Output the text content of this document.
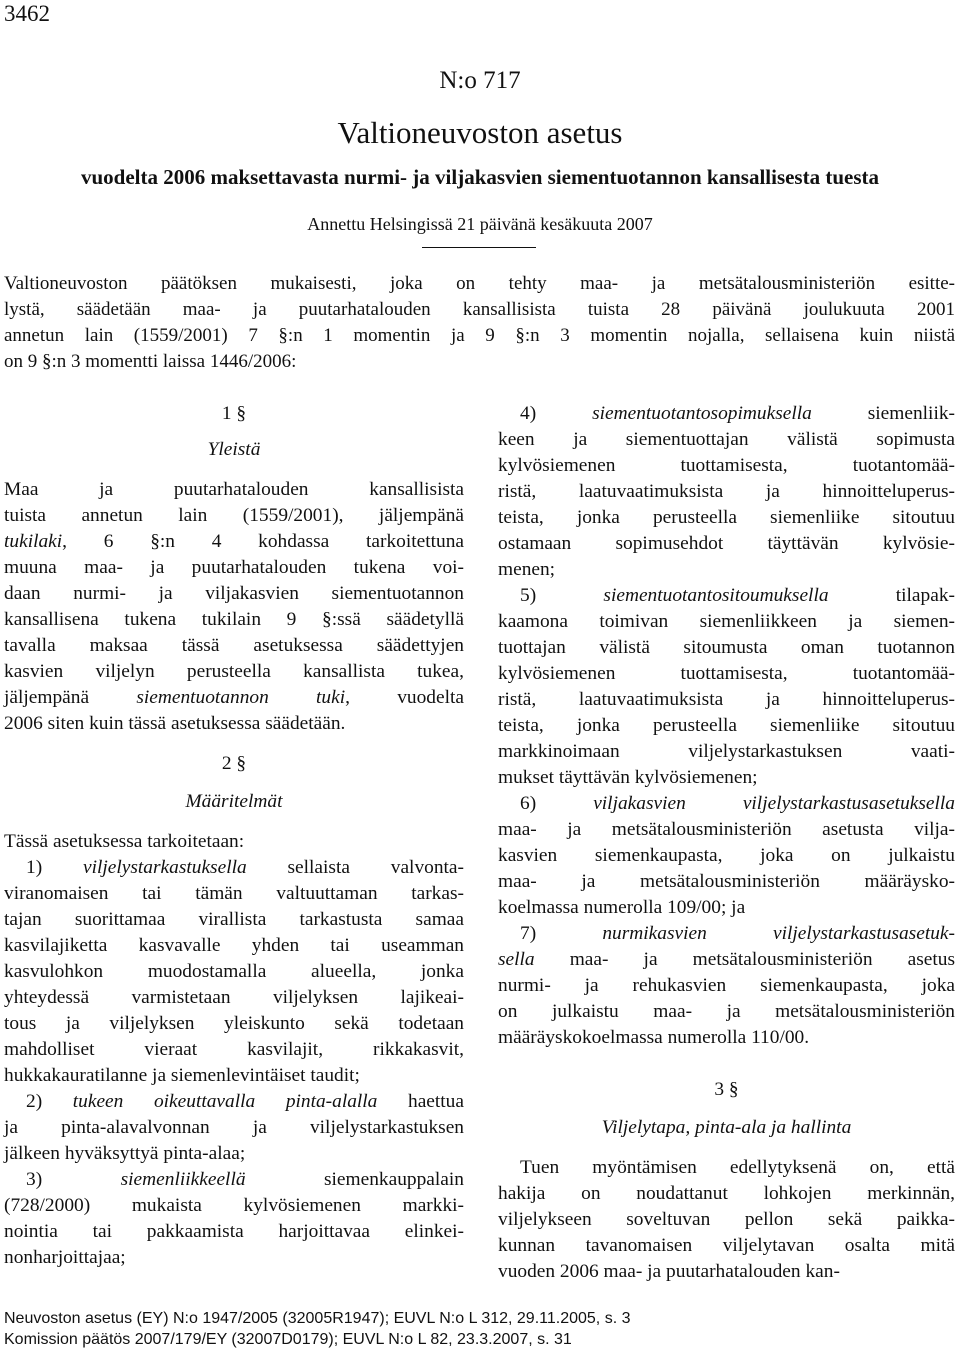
3462
N:o 717
Valtioneuvoston asetus
vuodelta 2006 maksettavasta nurmi- ja viljakasvien siementuotannon kansallisesta tuesta
Annettu Helsingissä 21 päivänä kesäkuuta 2007
Valtioneuvoston päätöksen mukaisesti, joka on tehty maa- ja metsätalousministeriön esitte-
lystä, säädetään maa- ja puutarhatalouden kansallisista tuista 28 päivänä joulukuuta 2001
annetun lain (1559/2001) 7 §:n 1 momentin ja 9 §:n 3 momentin nojalla, sellaisena kuin niistä
on 9 §:n 3 momentti laissa 1446/2006:

1 §

Yleistä

Maa ja puutarhatalouden kansallisista
tuista annetun lain (1559/2001), jäljempänä
tukilaki, 6 §:n 4 kohdassa tarkoitettuna
muuna maa- ja puutarhatalouden tukena voi-
daan nurmi- ja viljakasvien siementuotannon
kansallisena tukena tukilain 9 §:ssä säädetyllä
tavalla maksaa tässä asetuksessa säädettyjen
kasvien viljelyn perusteella kansallista tukea,
jäljempänä siementuotannon tuki, vuodelta
2006 siten kuin tässä asetuksessa säädetään.

2 §

Määritelmät

Tässä asetuksessa tarkoitetaan:

1) viljelystarkastuksella sellaista valvonta-
viranomaisen tai tämän valtuuttaman tarkas-
tajan suorittamaa virallista tarkastusta samaa
kasvilajiketta kasvavalle yhden tai useamman
kasvulohkon muodostamalla alueella, jonka
yhteydessä varmistetaan viljelyksen lajikeai-
tous ja viljelyksen yleiskunto sekä todetaan
mahdolliset vieraat kasvilajit, rikkakasvit,
hukkakauratilanne ja siemenlevintäiset taudit;
2) tukeen oikeuttavalla pinta-alalla haettua
ja pinta-alavalvonnan ja viljelystarkastuksen
jälkeen hyväksyttyä pinta-alaa;
3) siemenliikkeellä siemenkauppalain
(728/2000) mukaista kylvösiemenen markki-
nointia tai pakkaamista harjoittavaa elinkei-
nonharjoittajaa;
4) siementuotantosopimuksella siemenliik-
keen ja siementuottajan välistä sopimusta
kylvösiemenen tuottamisesta, tuotantomää-
ristä, laatuvaatimuksista ja hinnoitteluperus-
teista, jonka perusteella siemenliike sitoutuu
ostamaan sopimusehdot täyttävän kylvösie-
menen;
5) siementuotantositoumuksella tilapak-
kaamona toimivan siemenliikkeen ja siemen-
tuottajan välistä sitoumusta oman tuotannon
kylvösiemenen tuottamisesta, tuotantomää-
ristä, laatuvaatimuksista ja hinnoitteluperus-
teista, jonka perusteella siemenliike sitoutuu
markkinoimaan viljelystarkastuksen vaati-
mukset täyttävän kylvösiemenen;
6) viljakasvien viljelystarkastusasetuksella
maa- ja metsätalousministeriön asetusta vilja-
kasvien siemenkaupasta, joka on julkaistu
maa- ja metsätalousministeriön määräysko-
koelmassa numerolla 109/00; ja
7) nurmikasvien viljelystarkastusasetuk-
sella maa- ja metsätalousministeriön asetus
nurmi- ja rehukasvien siemenkaupasta, joka
on julkaistu maa- ja metsätalousministeriön
määräyskokoelmassa numerolla 110/00.

3 §

Viljelytapa, pinta-ala ja hallinta

Tuen myöntämisen edellytyksenä on, että
hakija on noudattanut lohkojen merkinnän,
viljelykseen soveltuvan pellon sekä paikka-
kunnan tavanomaisen viljelytavan osalta mitä
vuoden 2006 maa- ja puutarhatalouden kan-
Neuvoston asetus (EY) N:o 1947/2005 (32005R1947); EUVL N:o L 312, 29.11.2005, s. 3
Komission päätös 2007/179/EY (32007D0179); EUVL N:o L 82, 23.3.2007, s. 31
